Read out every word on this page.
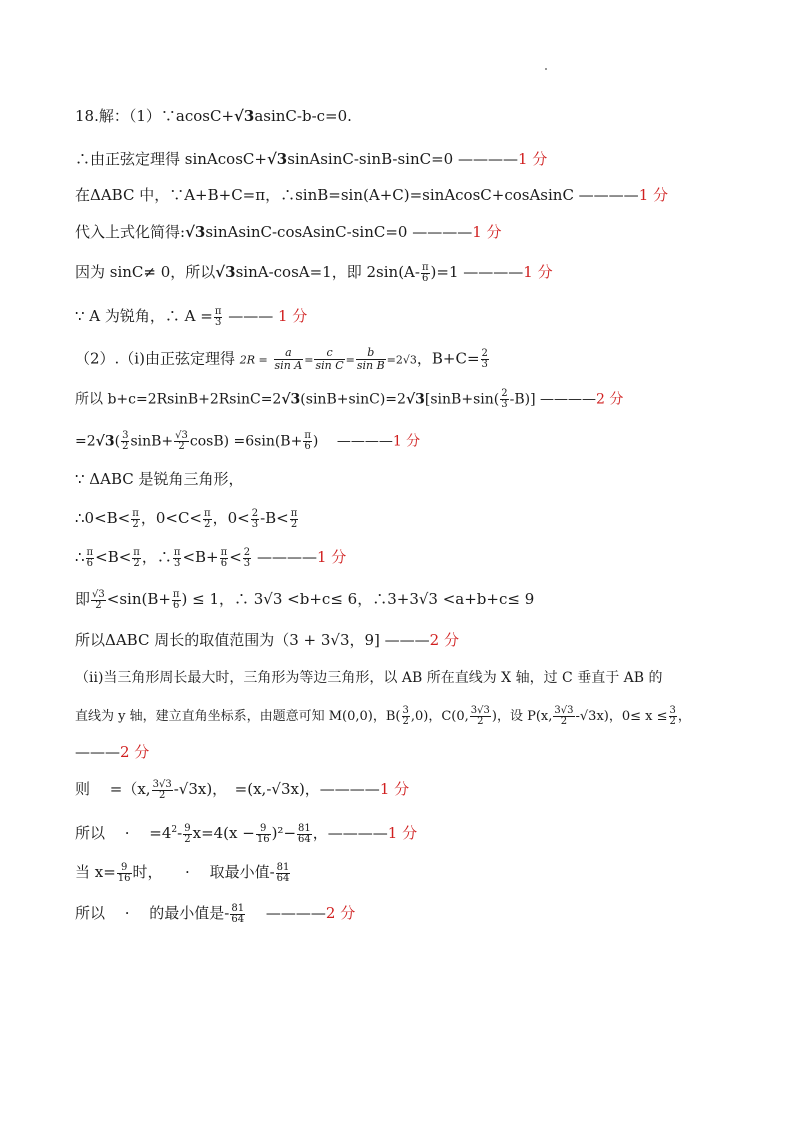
18.解：（1）∵acosC+√3asinC-b-c=0.
∴由正弦定理得 sinAcosC+√3sinAsinC-sinB-sinC=0 ————1 分
在ΔABC 中，∵A+B+C=π，∴sinB=sin(A+C)=sinAcosC+cosAsinC ————1 分
代入上式化简得:√3sinAsinC-cosAsinC-sinC=0 ————1 分
因为 sinC≠ 0，所以√3sinA-cosA=1，即 $2\sin(A- \frac{\pi}{6} )=1$ ————1 分
∵ A 为锐角，∴ $A = \frac{\pi}{3}$ ——— 1 分
（2）.（i)由正弦定理得 $2R = \frac{a}{\text{sin A}} = \frac{c}{\text{sin C}} = \frac{b}{\text{sin B}} =2√3$，$B+C= \frac{2}{3}$
所以 $b+c=2RsinB+2RsinC=2√3(\sin B+\sin C)=2√3[\sin B+\sin( \frac{2}{3} -B)]$ ————2 分
$=2√3( \frac{3}{2} \sin B+ \frac{√3}{2} \cos B) =6\sin(B+ \frac{\pi}{6}$ )　 ————1 分
∵ ΔABC 是锐角三角形，
∴0<B< $\frac{\pi}{2}$ ，$0<C< \frac{\pi}{2}$ ，$0< \frac{2}{3} -B< \frac{\pi}{2}$
∴ $\frac{\pi}{6} <B< \frac{\pi}{2}$ ，∴ $\frac{\pi}{3} <B+ \frac{\pi}{6} < \frac{2}{3}$ ————1 分
即 $\frac{√3}{2} <\sin(B+ \frac{\pi}{6}$ ) ≤ 1，∴ 3√3 <b+c≤ 6，∴3+3√3 <a+b+c≤ 9
所以ΔABC 周长的取值范围为（3 + 3√3，9] ———2 分
（ii)当三角形周长最大时，三角形为等边三角形，以 AB 所在直线为 X 轴，过 C 垂直于 AB 的
直线为 y 轴，建立直角坐标系，由题意可知 M(0,0)，$B( \frac{3}{2} ,0)$，C(0, $\frac{3√3}{2}$ )，设 P(x, $\frac{3√3}{2} -√3x$)，$0\le x \le \frac{3}{2}$ ，
———2 分
则　 =（x, $\frac{3√3}{2} -√3x$)，　=(x,-√3x)，————1 分
所以　 ·　 $=4^2- \frac{9}{2} x=4(x - \frac{9}{16} )^2- \frac{81}{64}$ ，————1 分
当 $x= \frac{9}{16}$ 时，　　·　 取最小值- $\frac{81}{64}$
所以　 ·　 的最小值是- $\frac{81}{64}$ 　 ————2 分
